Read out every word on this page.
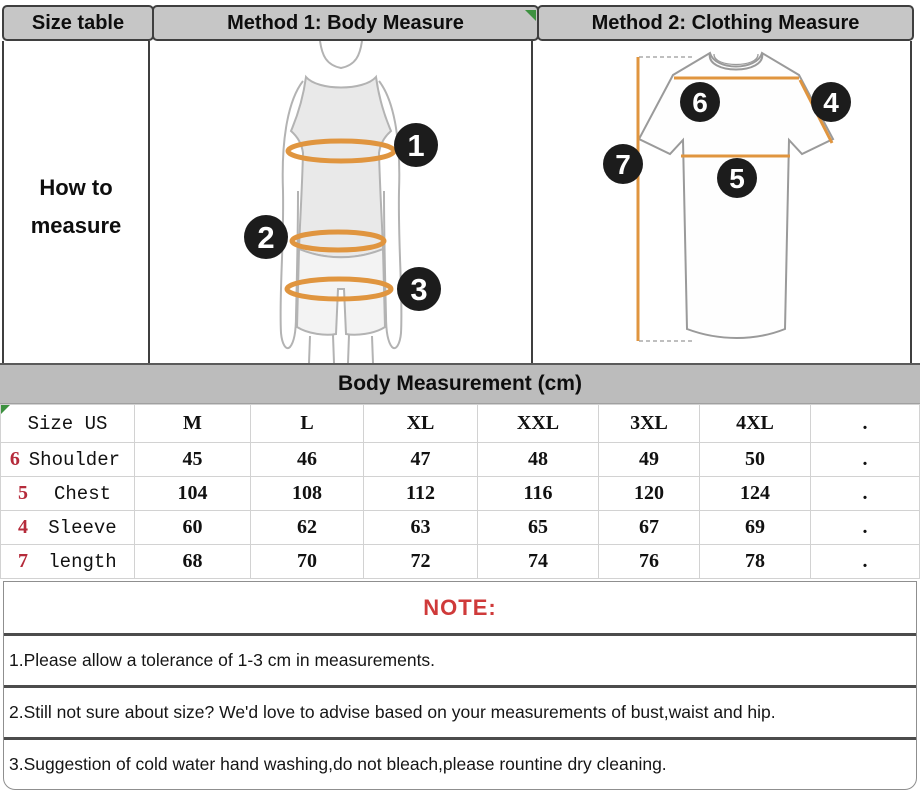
Size table	Method 1: Body Measure	Method 2: Clothing Measure
How to
measure
1
2
3
6	4
7	5
Body Measurement (cm)
Size US	M	L	XL	XXL	3XL	4XL	.

6 Shoulder	45	46	47	48	49	50	.

5 Chest	104	108	112	116	120	124	.

4 Sleeve	60	62	63	65	67	69	.

7 length	68	70	72	74	76	78	.
NOTE:
1.Please allow a tolerance of 1-3 cm in measurements.
2.Still not sure about size? We'd love to advise based on your measurements of bust,waist and hip.
3.Suggestion of cold water hand washing,do not bleach,please rountine dry cleaning.
